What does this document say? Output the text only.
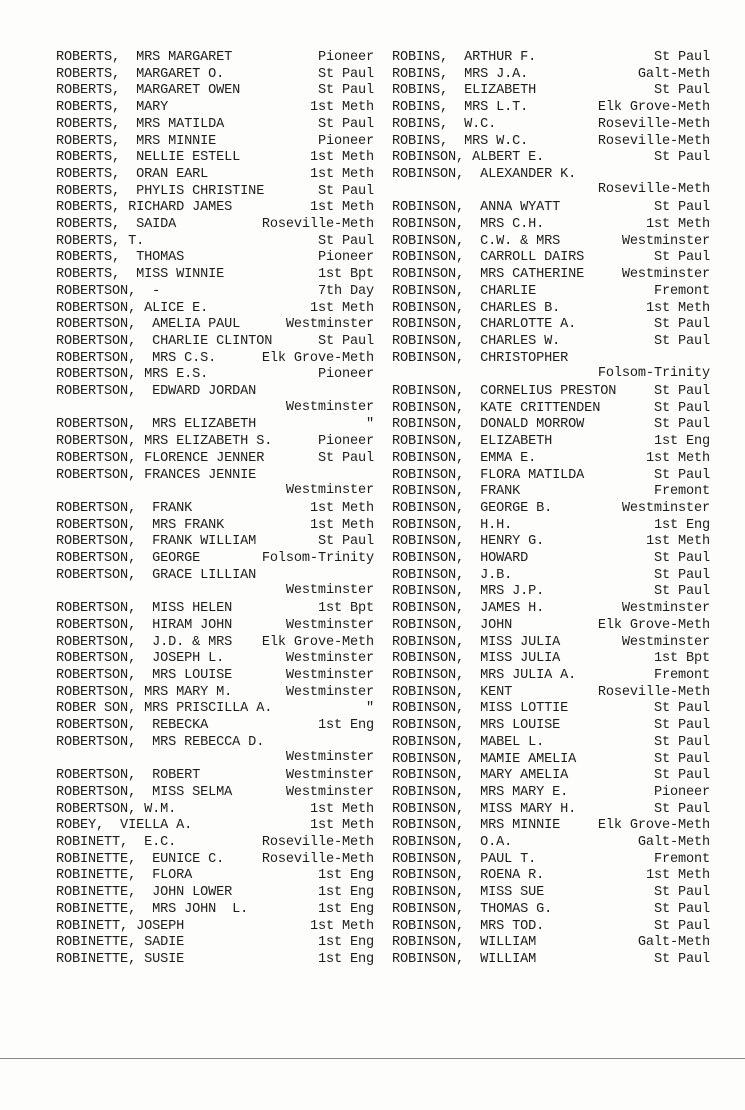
ROBERTS,  MRS MARGARET	Pioneer
ROBERTS,  MARGARET O.	St Paul
ROBERTS,  MARGARET OWEN	St Paul
ROBERTS,  MARY	1st Meth
ROBERTS,  MRS MATILDA	St Paul
ROBERTS,  MRS MINNIE	Pioneer
ROBERTS,  NELLIE ESTELL	1st Meth
ROBERTS,  ORAN EARL	1st Meth
ROBERTS,  PHYLIS CHRISTINE	St Paul
ROBERTS, RICHARD JAMES	1st Meth
ROBERTS,  SAIDA	Roseville-Meth
ROBERTS, T.	St Paul
ROBERTS,  THOMAS	Pioneer
ROBERTS,  MISS WINNIE	1st Bpt
ROBERTSON,  -	7th Day
ROBERTSON, ALICE E.	1st Meth
ROBERTSON,  AMELIA PAUL	Westminster
ROBERTSON,  CHARLIE CLINTON	St Paul
ROBERTSON,  MRS C.S.	Elk Grove-Meth
ROBERTSON, MRS E.S.	Pioneer
ROBERTSON,  EDWARD JORDAN
Westminster
ROBERTSON,  MRS ELIZABETH	"
ROBERTSON, MRS ELIZABETH S.	Pioneer
ROBERTSON, FLORENCE JENNER	St Paul
ROBERTSON, FRANCES JENNIE
Westminster
ROBERTSON,  FRANK	1st Meth
ROBERTSON,  MRS FRANK	1st Meth
ROBERTSON,  FRANK WILLIAM	St Paul
ROBERTSON,  GEORGE	Folsom-Trinity
ROBERTSON,  GRACE LILLIAN
Westminster
ROBERTSON,  MISS HELEN	1st Bpt
ROBERTSON,  HIRAM JOHN	Westminster
ROBERTSON,  J.D. & MRS Elk Grove-Meth
ROBERTSON,  JOSEPH L.	Westminster
ROBERTSON,  MRS LOUISE	Westminster
ROBERTSON, MRS MARY M.	Westminster
ROBER SON, MRS PRISCILLA A.	"
ROBERTSON,  REBECKA	1st Eng
ROBERTSON,  MRS REBECCA D.
Westminster
ROBERTSON,  ROBERT	Westminster
ROBERTSON,  MISS SELMA	Westminster
ROBERTSON, W.M.	1st Meth
ROBEY,  VIELLA A.	1st Meth
ROBINETT,  E.C.	Roseville-Meth
ROBINETTE,  EUNICE C.	Roseville-Meth
ROBINETTE,  FLORA	1st Eng
ROBINETTE,  JOHN LOWER	1st Eng
ROBINETTE,  MRS JOHN  L.	1st Eng
ROBINETT, JOSEPH	1st Meth
ROBINETTE, SADIE	1st Eng
ROBINETTE, SUSIE	1st Eng
ROBINS,  ARTHUR F.	St Paul
ROBINS,  MRS J.A.	Galt-Meth
ROBINS,  ELIZABETH	St Paul
ROBINS,  MRS L.T.	Elk Grove-Meth
ROBINS,  W.C.	Roseville-Meth
ROBINS,  MRS W.C.	Roseville-Meth
ROBINSON, ALBERT E.	St Paul
ROBINSON,  ALEXANDER K.
Roseville-Meth
ROBINSON,  ANNA WYATT	St Paul
ROBINSON,  MRS C.H.	1st Meth
ROBINSON,  C.W. & MRS	Westminster
ROBINSON,  CARROLL DAIRS	St Paul
ROBINSON,  MRS CATHERINE	Westminster
ROBINSON,  CHARLIE	Fremont
ROBINSON,  CHARLES B.	1st Meth
ROBINSON,  CHARLOTTE A.	St Paul
ROBINSON,  CHARLES W.	St Paul
ROBINSON,  CHRISTOPHER
Folsom-Trinity
ROBINSON,  CORNELIUS PRESTON	St Paul
ROBINSON,  KATE CRITTENDEN	St Paul
ROBINSON,  DONALD MORROW	St Paul
ROBINSON,  ELIZABETH	1st Eng
ROBINSON,  EMMA E.	1st Meth
ROBINSON,  FLORA MATILDA	St Paul
ROBINSON,  FRANK	Fremont
ROBINSON,  GEORGE B.	Westminster
ROBINSON,  H.H.	1st Eng
ROBINSON,  HENRY G.	1st Meth
ROBINSON,  HOWARD	St Paul
ROBINSON,  J.B.	St Paul
ROBINSON,  MRS J.P.	St Paul
ROBINSON,  JAMES H.	Westminster
ROBINSON,  JOHN	Elk Grove-Meth
ROBINSON,  MISS JULIA	Westminster
ROBINSON,  MISS JULIA	1st Bpt
ROBINSON,  MRS JULIA A.	Fremont
ROBINSON,  KENT	Roseville-Meth
ROBINSON,  MISS LOTTIE	St Paul
ROBINSON,  MRS LOUISE	St Paul
ROBINSON,  MABEL L.	St Paul
ROBINSON,  MAMIE AMELIA	St Paul
ROBINSON,  MARY AMELIA	St Paul
ROBINSON,  MRS MARY E.	Pioneer
ROBINSON,  MISS MARY H.	St Paul
ROBINSON,  MRS MINNIE	Elk Grove-Meth
ROBINSON,  O.A.	Galt-Meth
ROBINSON,  PAUL T.	Fremont
ROBINSON,  ROENA R.	1st Meth
ROBINSON,  MISS SUE	St Paul
ROBINSON,  THOMAS G.	St Paul
ROBINSON,  MRS TOD.	St Paul
ROBINSON,  WILLIAM	Galt-Meth
ROBINSON,  WILLIAM	St Paul
